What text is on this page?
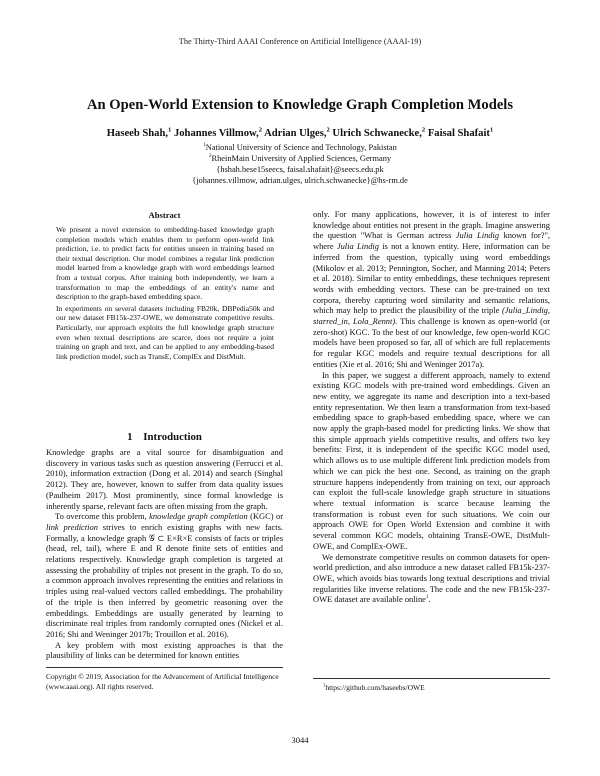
The Thirty-Third AAAI Conference on Artificial Intelligence (AAAI-19)
An Open-World Extension to Knowledge Graph Completion Models
Haseeb Shah,$^1$ Johannes Villmow,$^2$ Adrian Ulges,$^2$ Ulrich Schwanecke,$^2$ Faisal Shafait$^1$
$^1$National University of Science and Technology, Pakistan
$^2$RheinMain University of Applied Sciences, Germany
{hshah.bese15seecs, faisal.shafait}@seecs.edu.pk
{johannes.villmow, adrian.ulges, ulrich.schwanecke}@hs-rm.de
Abstract

We present a novel extension to embedding-based knowledge graph completion models which enables them to perform open-world link prediction, i.e. to predict facts for entities unseen in training based on their textual description. Our model combines a regular link prediction model learned from a knowledge graph with word embeddings learned from a textual corpus. After training both independently, we learn a transformation to map the embeddings of an entity's name and description to the graph-based embedding space.

In experiments on several datasets including FB20k, DBPedia50k and our new dataset FB15k-237-OWE, we demonstrate competitive results. Particularly, our approach exploits the full knowledge graph structure even when textual descriptions are scarce, does not require a joint training on graph and text, and can be applied to any embedding-based link prediction model, such as TransE, ComplEx and DistMult.

1    Introduction

Knowledge graphs are a vital source for disambiguation and discovery in various tasks such as question answering (Ferrucci et al. 2010), information extraction (Dong et al. 2014) and search (Singhal 2012). They are, however, known to suffer from data quality issues (Paulheim 2017). Most prominently, since formal knowledge is inherently sparse, relevant facts are often missing from the graph.

To overcome this problem, knowledge graph completion (KGC) or link prediction strives to enrich existing graphs with new facts. Formally, a knowledge graph 𝒢 ⊂ E×R×E consists of facts or triples (head, rel, tail), where E and R denote finite sets of entities and relations respectively. Knowledge graph completion is targeted at assessing the probability of triples not present in the graph. To do so, a common approach involves representing the entities and relations in triples using real-valued vectors called embeddings. The probability of the triple is then inferred by geometric reasoning over the embeddings. Embeddings are usually generated by learning to discriminate real triples from randomly corrupted ones (Nickel et al. 2016; Shi and Weninger 2017b; Trouillon et al. 2016).

A key problem with most existing approaches is that the plausibility of links can be determined for known entities

only. For many applications, however, it is of interest to infer knowledge about entities not present in the graph. Imagine answering the question "What is German actress Julia Lindig known for?", where Julia Lindig is not a known entity. Here, information can be inferred from the question, typically using word embeddings (Mikolov et al. 2013; Pennington, Socher, and Manning 2014; Peters et al. 2018). Similar to entity embeddings, these techniques represent words with embedding vectors. These can be pre-trained on text corpora, thereby capturing word similarity and semantic relations, which may help to predict the plausibility of the triple (Julia_Lindig, starred_in, Lola_Rennt). This challenge is known as open-world (or zero-shot) KGC. To the best of our knowledge, few open-world KGC models have been proposed so far, all of which are full replacements for regular KGC models and require textual descriptions for all entities (Xie et al. 2016; Shi and Weninger 2017a).

In this paper, we suggest a different approach, namely to extend existing KGC models with pre-trained word embeddings. Given an new entity, we aggregate its name and description into a text-based entity representation. We then learn a transformation from text-based embedding space to graph-based embedding space, where we can now apply the graph-based model for predicting links. We show that this simple approach yields competitive results, and offers two key benefits: First, it is independent of the specific KGC model used, which allows us to use multiple different link prediction models from which we can pick the best one. Second, as training on the graph structure happens independently from training on text, our approach can exploit the full-scale knowledge graph structure in situations where textual information is scarce because learning the transformation is robust even for such situations. We coin our approach OWE for Open World Extension and combine it with several common KGC models, obtaining TransE-OWE, DistMult-OWE, and ComplEx-OWE.

We demonstrate competitive results on common datasets for open-world prediction, and also introduce a new dataset called FB15k-237-OWE, which avoids bias towards long textual descriptions and trivial regularities like inverse relations. The code and the new FB15k-237-OWE dataset are available online$^1$.

Copyright © 2019, Association for the Advancement of Artificial Intelligence (www.aaai.org). All rights reserved.	$^1$https://github.com/haseebs/OWE
3044
